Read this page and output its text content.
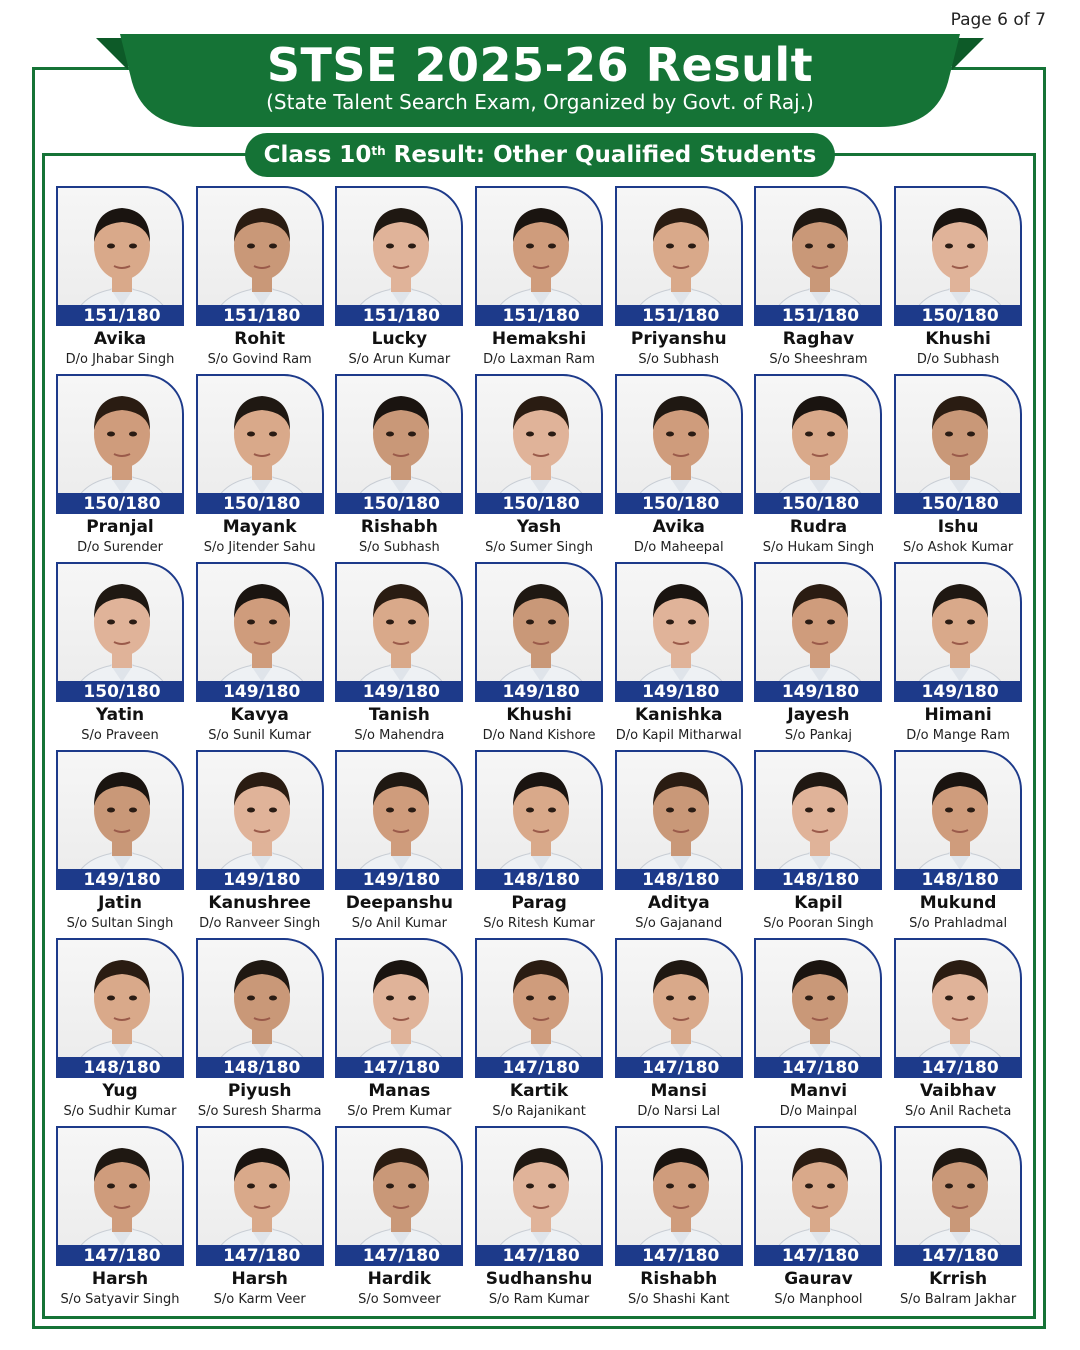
Page 6 of 7
STSE 2025-26 Result
(State Talent Search Exam, Organized by Govt. of Raj.)
Class 10th Result: Other Qualified Students
151/180
Avika
D/o Jhabar Singh
151/180
Rohit
S/o Govind Ram
151/180
Lucky
S/o Arun Kumar
151/180
Hemakshi
D/o Laxman Ram
151/180
Priyanshu
S/o Subhash
151/180
Raghav
S/o Sheeshram
150/180
Khushi
D/o Subhash
150/180
Pranjal
D/o Surender
150/180
Mayank
S/o Jitender Sahu
150/180
Rishabh
S/o Subhash
150/180
Yash
S/o Sumer Singh
150/180
Avika
D/o Maheepal
150/180
Rudra
S/o Hukam Singh
150/180
Ishu
S/o Ashok Kumar
150/180
Yatin
S/o Praveen
149/180
Kavya
S/o Sunil Kumar
149/180
Tanish
S/o Mahendra
149/180
Khushi
D/o Nand Kishore
149/180
Kanishka
D/o Kapil Mitharwal
149/180
Jayesh
S/o Pankaj
149/180
Himani
D/o Mange Ram
149/180
Jatin
S/o Sultan Singh
149/180
Kanushree
D/o Ranveer Singh
149/180
Deepanshu
S/o Anil Kumar
148/180
Parag
S/o Ritesh Kumar
148/180
Aditya
S/o Gajanand
148/180
Kapil
S/o Pooran Singh
148/180
Mukund
S/o Prahladmal
148/180
Yug
S/o Sudhir Kumar
148/180
Piyush
S/o Suresh Sharma
147/180
Manas
S/o Prem Kumar
147/180
Kartik
S/o Rajanikant
147/180
Mansi
D/o Narsi Lal
147/180
Manvi
D/o Mainpal
147/180
Vaibhav
S/o Anil Racheta
147/180
Harsh
S/o Satyavir Singh
147/180
Harsh
S/o Karm Veer
147/180
Hardik
S/o Somveer
147/180
Sudhanshu
S/o Ram Kumar
147/180
Rishabh
S/o Shashi Kant
147/180
Gaurav
S/o Manphool
147/180
Krrish
S/o Balram Jakhar
